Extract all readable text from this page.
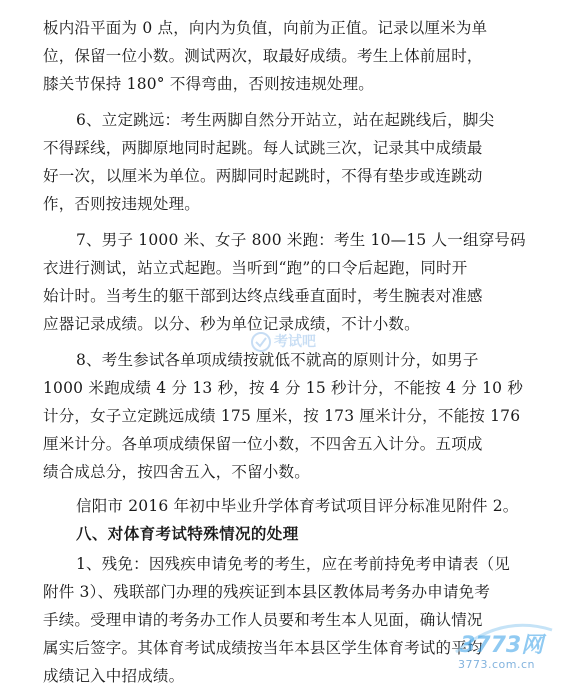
板内沿平面为 0 点，向内为负值，向前为正值。记录以厘米为单
位，保留一位小数。测试两次，取最好成绩。考生上体前屈时，
膝关节保持 180° 不得弯曲，否则按违规处理。
6、立定跳远：考生两脚自然分开站立，站在起跳线后，脚尖
不得踩线，两脚原地同时起跳。每人试跳三次，记录其中成绩最
好一次，以厘米为单位。两脚同时起跳时，不得有垫步或连跳动
作，否则按违规处理。
7、男子 1000 米、女子 800 米跑：考生 10—15 人一组穿号码
衣进行测试，站立式起跑。当听到“跑”的口令后起跑，同时开
始计时。当考生的躯干部到达终点线垂直面时，考生腕表对准感
应器记录成绩。以分、秒为单位记录成绩，不计小数。
8、考生参试各单项成绩按就低不就高的原则计分，如男子
1000 米跑成绩 4 分 13 秒，按 4 分 15 秒计分，不能按 4 分 10 秒
计分，女子立定跳远成绩 175 厘米，按 173 厘米计分，不能按 176
厘米计分。各单项成绩保留一位小数，不四舍五入计分。五项成
绩合成总分，按四舍五入，不留小数。
信阳市 2016 年初中毕业升学体育考试项目评分标准见附件 2。
八、对体育考试特殊情况的处理
1、残免：因残疾申请免考的考生，应在考前持免考申请表（见
附件 3）、残联部门办理的残疾证到本县区教体局考务办申请免考
手续。受理申请的考务办工作人员要和考生本人见面，确认情况
属实后签字。其体育考试成绩按当年本县区学生体育考试的平均
成绩记入中招成绩。
考试吧
3773网
3773.com.cn
